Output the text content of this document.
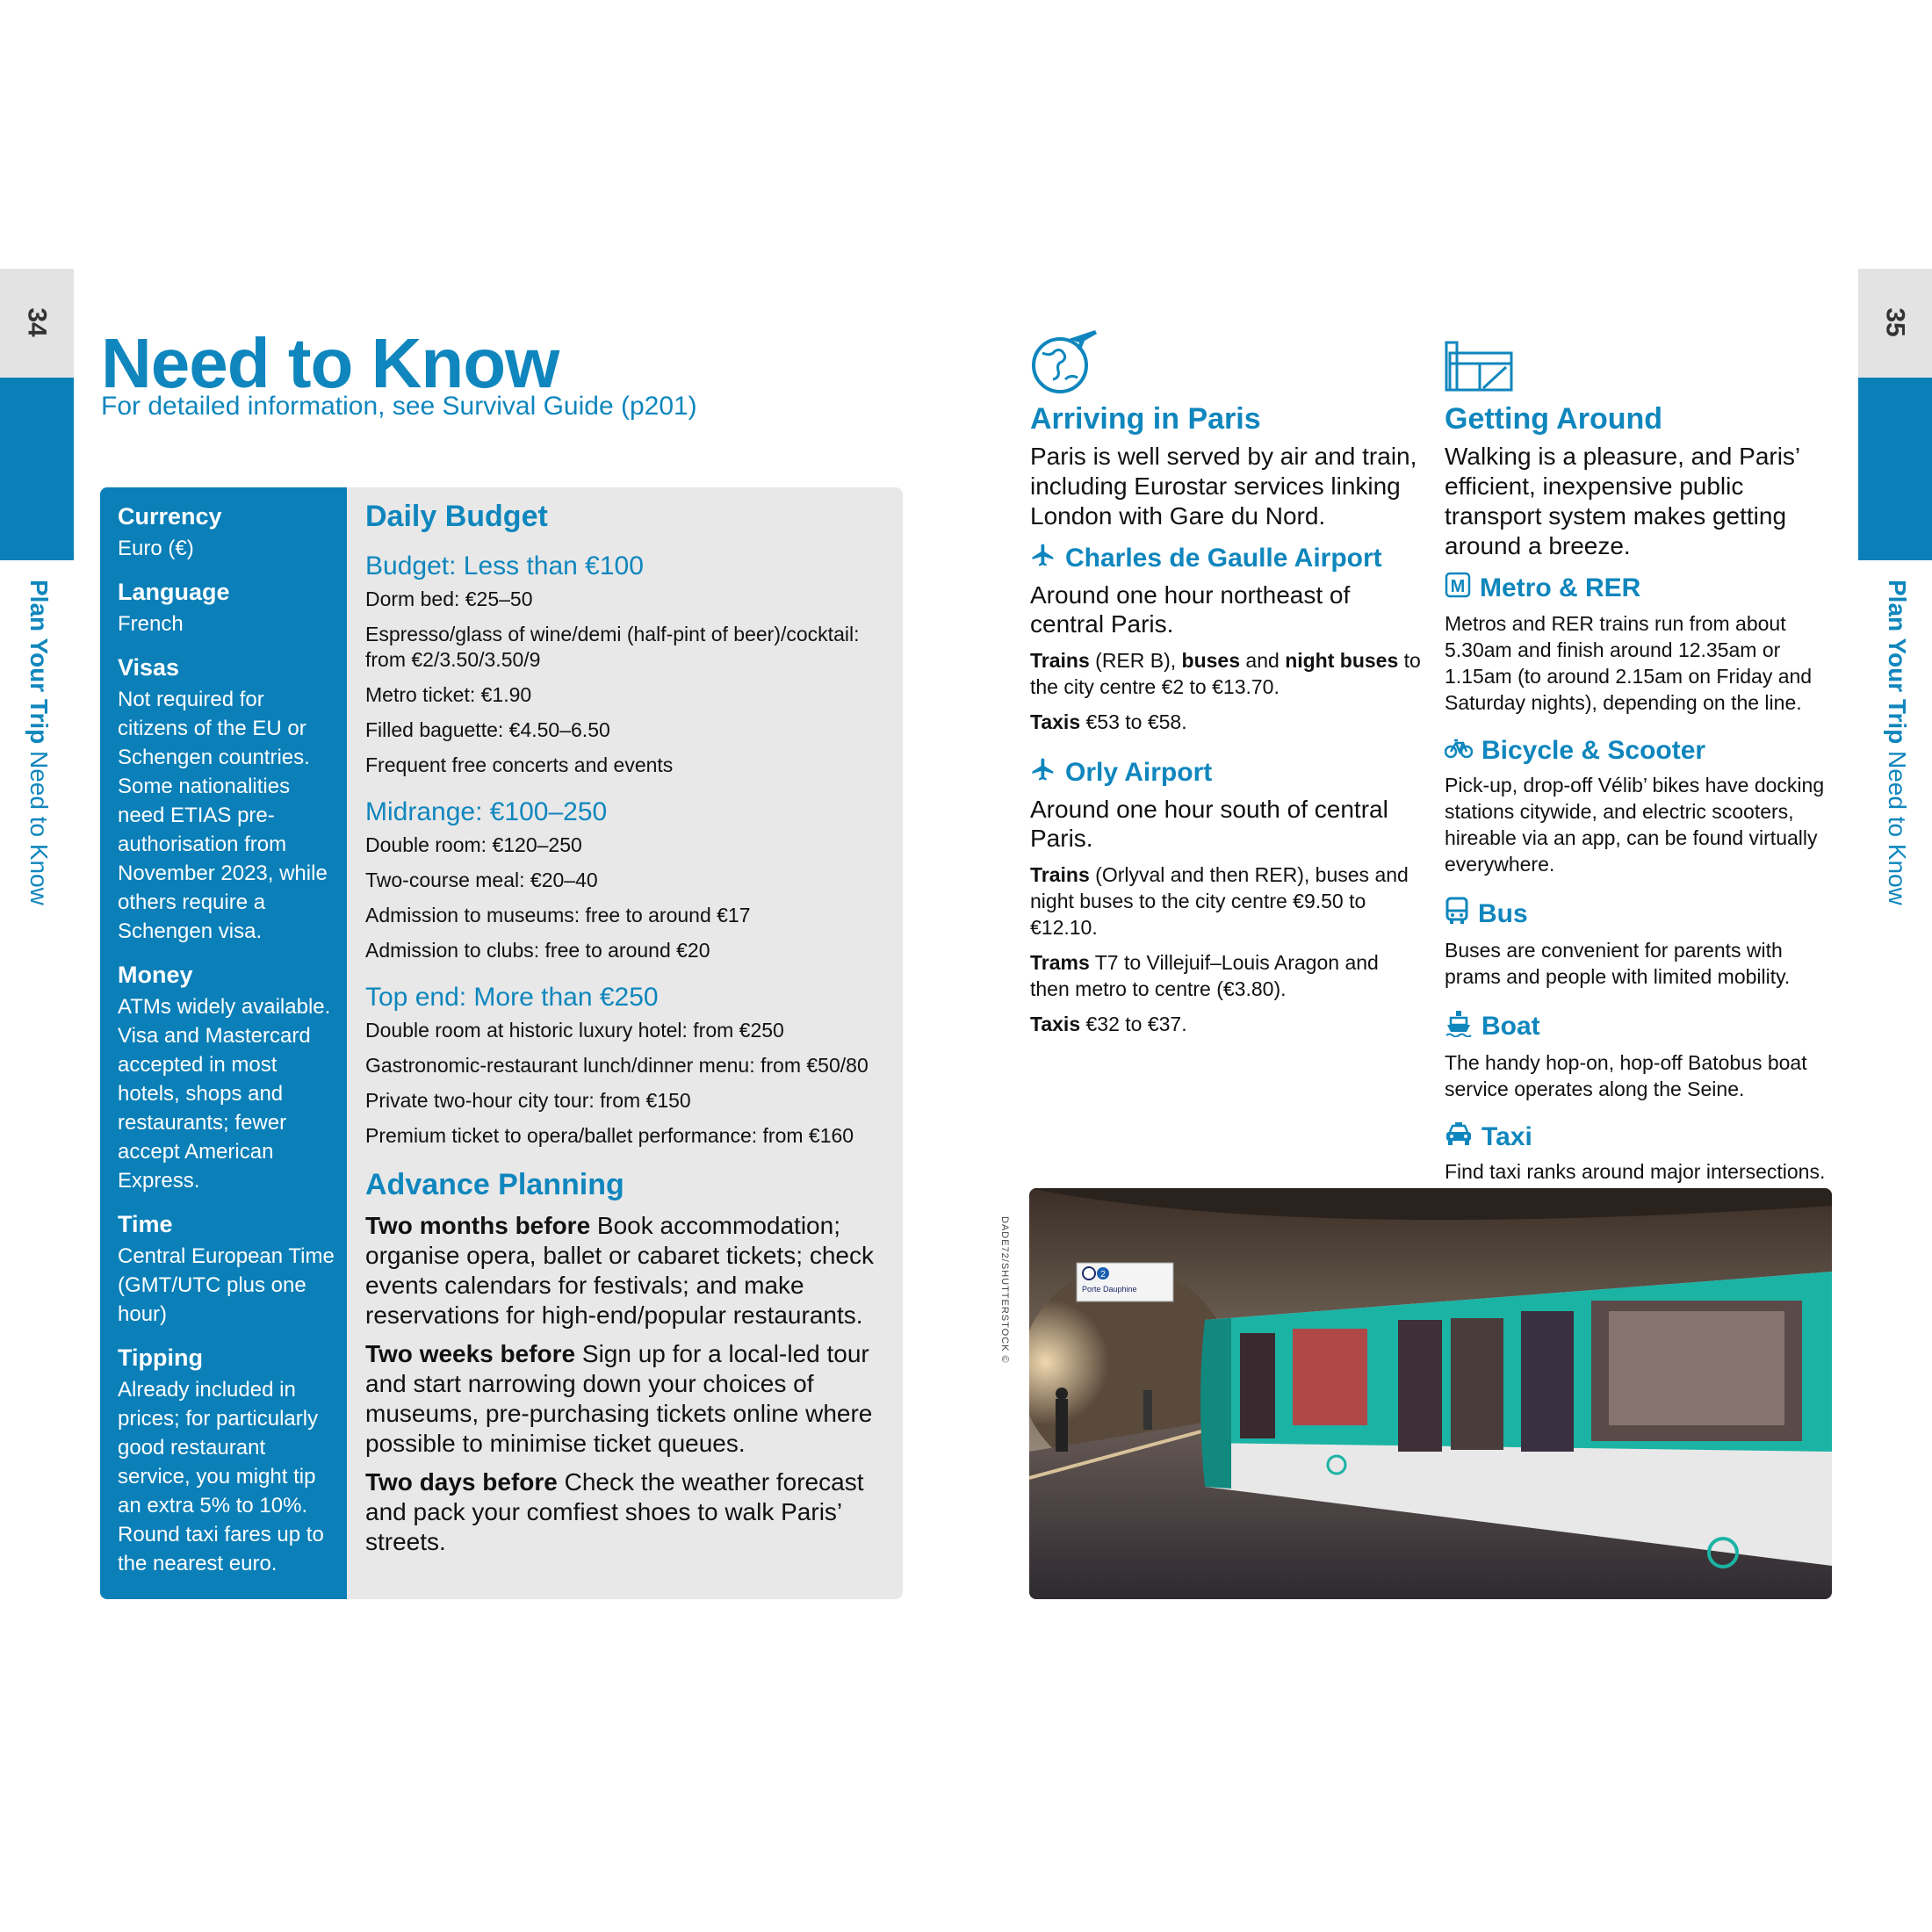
34
Plan Your Trip Need to Know
35
Plan Your Trip Need to Know
Need to Know

For detailed information, see Survival Guide (p201)

Currency

Euro (€)

Language

French

Visas

Not required for citizens of the EU or Schengen countries. Some nationalities need ETIAS pre-authorisation from November 2023, while others require a Schengen visa.

Money

ATMs widely available. Visa and Mastercard accepted in most hotels, shops and restaurants; fewer accept American Express.

Time

Central European Time (GMT/UTC plus one hour)

Tipping

Already included in prices; for particularly good restaurant service, you might tip an extra 5% to 10%. Round taxi fares up to the nearest euro.

Daily Budget
Budget: Less than €100
Dorm bed: €25–50
Espresso/glass of wine/demi (half-pint of beer)/cocktail: from €2/3.50/3.50/9
Metro ticket: €1.90
Filled baguette: €4.50–6.50
Frequent free concerts and events
Midrange: €100–250
Double room: €120–250
Two-course meal: €20–40
Admission to museums: free to around €17
Admission to clubs: free to around €20
Top end: More than €250
Double room at historic luxury hotel: from €250
Gastronomic-restaurant lunch/dinner menu: from €50/80
Private two-hour city tour: from €150
Premium ticket to opera/ballet performance: from €160
Advance Planning

Two months before Book accommodation; organise opera, ballet or cabaret tickets; check events calendars for festivals; and make reservations for high-end/popular restaurants.

Two weeks before Sign up for a local-led tour and start narrowing down your choices of museums, pre-purchasing tickets online where possible to minimise ticket queues.

Two days before Check the weather forecast and pack your comfiest shoes to walk Paris’ streets.

Arriving in Paris

Paris is well served by air and train, including Eurostar services linking London with Gare du Nord.

Charles de Gaulle Airport

Around one hour northeast of central Paris.

Trains (RER B), buses and night buses to the city centre €2 to €13.70.

Taxis €53 to €58.

Orly Airport

Around one hour south of central Paris.

Trains (Orlyval and then RER), buses and night buses to the city centre €9.50 to €12.10.

Trams T7 to Villejuif–Louis Aragon and then metro to centre (€3.80).

Taxis €32 to €37.

Getting Around

Walking is a pleasure, and Paris’ efficient, inexpensive public transport system makes getting around a breeze.

M Metro & RER

Metros and RER trains run from about 5.30am and finish around 12.35am or 1.15am (to around 2.15am on Friday and Saturday nights), depending on the line.

Bicycle & Scooter

Pick-up, drop-off Vélib’ bikes have docking stations citywide, and electric scooters, hireable via an app, can be found virtually everywhere.

Bus

Buses are convenient for parents with prams and people with limited mobility.

Boat

The handy hop-on, hop-off Batobus boat service operates along the Seine.

Taxi

Find taxi ranks around major intersections.

DADE72/SHUTTERSTOCK ©	2
Porte Dauphine
